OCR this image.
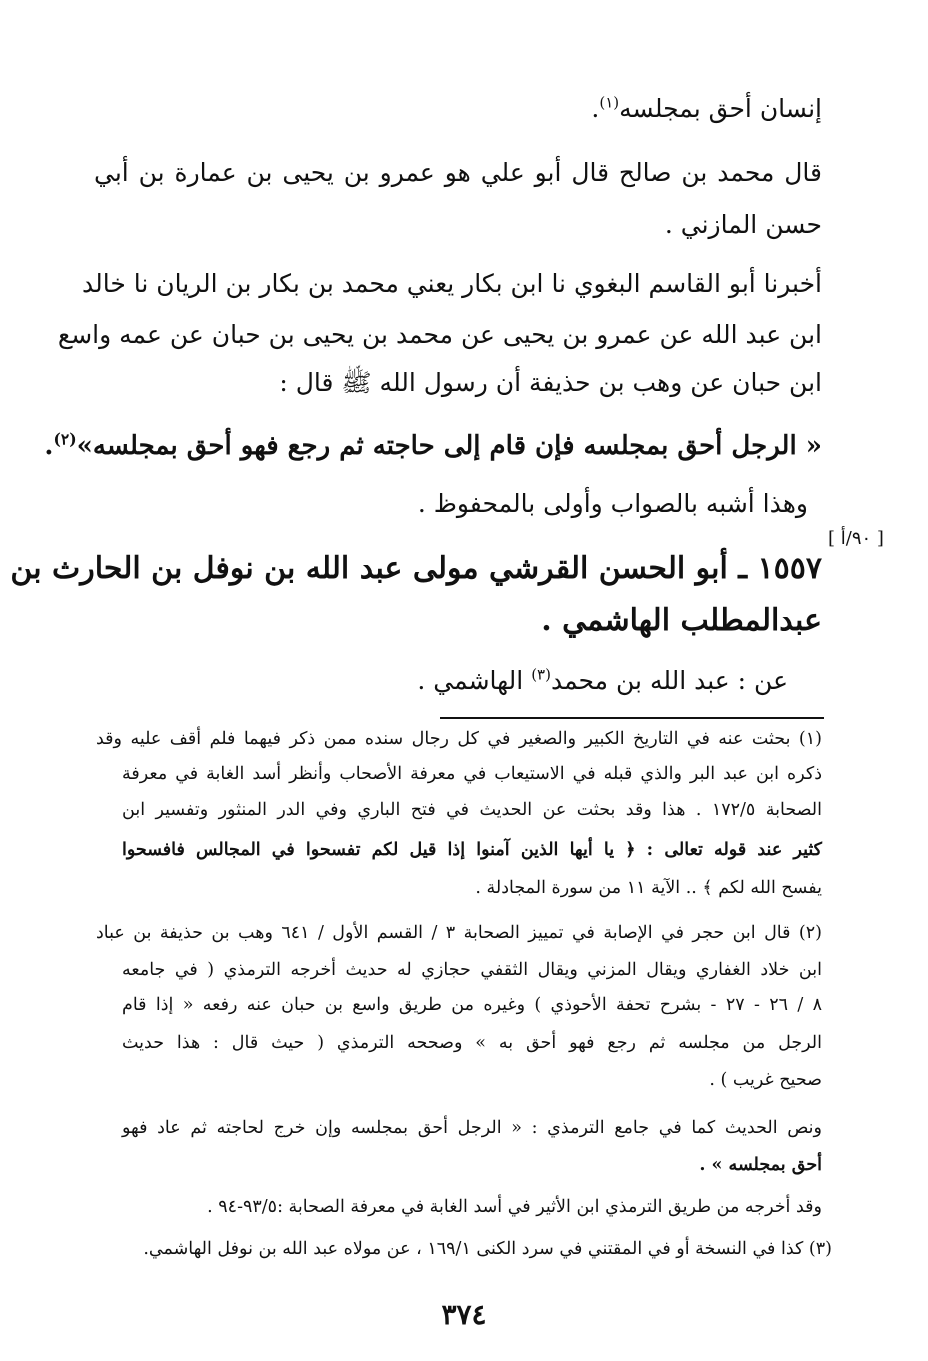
إنسان أحق بمجلسه$^{(١)}$.
قال محمد بن صالح قال أبو علي هو عمرو بن يحيى بن عمارة بن أبي
حسن المازني .
أخبرنا أبو القاسم البغوي نا ابن بكار يعني محمد بن بكار بن الريان نا خالد
ابن عبد الله عن عمرو بن يحيى عن محمد بن يحيى بن حبان عن عمه واسع
ابن حبان عن وهب بن حذيفة أن رسول الله ﷺ قال :
« الرجل أحق بمجلسه فإن قام إلى حاجته ثم رجع فهو أحق بمجلسه»$^{(٢)}$.
وهذا أشبه بالصواب وأولى بالمحفوظ .
[ ٩٠/أ ]
١٥٥٧ ـ أبو الحسن القرشي مولى عبد الله بن نوفل بن الحارث بن
عبدالمطلب الهاشمي .
عن : عبد الله بن محمد$^{(٣)}$ الهاشمي .
(١) بحثت عنه في التاريخ الكبير والصغير في كل رجال سنده ممن ذكر فيهما فلم أقف عليه وقد
ذكره ابن عبد البر والذي قبله في الاستيعاب في معرفة الأصحاب وأنظر أسد الغابة في معرفة
الصحابة ١٧٢/٥ . هذا وقد بحثت عن الحديث في فتح الباري وفي الدر المنثور وتفسير ابن
كثير عند قوله تعالى : ﴿ يا أيها الذين آمنوا إذا قيل لكم تفسحوا في المجالس فافسحوا
يفسح الله لكم ﴾ .. الآية ١١ من سورة المجادلة .
(٢) قال ابن حجر في الإصابة في تمييز الصحابة ٣ / القسم الأول / ٦٤١ وهب بن حذيفة بن عباد
ابن خلاد الغفاري ويقال المزني ويقال الثقفي حجازي له حديث أخرجه الترمذي ( في جامعه
٨ / ٢٦ - ٢٧ - بشرح تحفة الأحوذي ) وغيره من طريق واسع بن حبان عنه رفعه « إذا قام
الرجل من مجلسه ثم رجع فهو أحق به » وصححه الترمذي ( حيث قال : هذا حديث
صحيح غريب ) .
ونص الحديث كما في جامع الترمذي : « الرجل أحق بمجلسه وإن خرج لحاجته ثم عاد فهو
أحق بمجلسه » .
وقد أخرجه من طريق الترمذي ابن الأثير في أسد الغابة في معرفة الصحابة :٩٣/٥-٩٤ .
(٣) كذا في النسخة أو في المقتني في سرد الكنى ١٦٩/١ ، عن مولاه عبد الله بن نوفل الهاشمي.
٣٧٤
